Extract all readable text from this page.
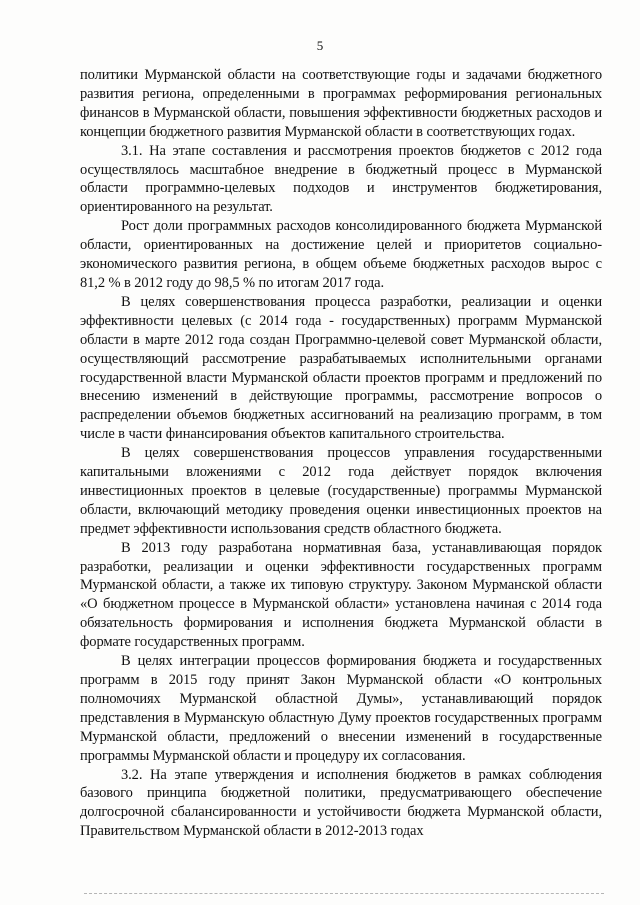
5

политики Мурманской области на соответствующие годы и задачами бюджетного развития региона, определенными в программах реформирования региональных финансов в Мурманской области, повышения эффективности бюджетных расходов и концепции бюджетного развития Мурманской области в соответствующих годах.

3.1. На этапе составления и рассмотрения проектов бюджетов с 2012 года осуществлялось масштабное внедрение в бюджетный процесс в Мурманской области программно-целевых подходов и инструментов бюджетирования, ориентированного на результат.

Рост доли программных расходов консолидированного бюджета Мурманской области, ориентированных на достижение целей и приоритетов социально-экономического развития региона, в общем объеме бюджетных расходов вырос с 81,2 % в 2012 году до 98,5 % по итогам 2017 года.

В целях совершенствования процесса разработки, реализации и оценки эффективности целевых (с 2014 года - государственных) программ Мурманской области в марте 2012 года создан Программно-целевой совет Мурманской области, осуществляющий рассмотрение разрабатываемых исполнительными органами государственной власти Мурманской области проектов программ и предложений по внесению изменений в действующие программы, рассмотрение вопросов о распределении объемов бюджетных ассигнований на реализацию программ, в том числе в части финансирования объектов капитального строительства.

В целях совершенствования процессов управления государственными капитальными вложениями с 2012 года действует порядок включения инвестиционных проектов в целевые (государственные) программы Мурманской области, включающий методику проведения оценки инвестиционных проектов на предмет эффективности использования средств областного бюджета.

В 2013 году разработана нормативная база, устанавливающая порядок разработки, реализации и оценки эффективности государственных программ Мурманской области, а также их типовую структуру. Законом Мурманской области «О бюджетном процессе в Мурманской области» установлена начиная с 2014 года обязательность формирования и исполнения бюджета Мурманской области в формате государственных программ.

В целях интеграции процессов формирования бюджета и государственных программ в 2015 году принят Закон Мурманской области «О контрольных полномочиях Мурманской областной Думы», устанавливающий порядок представления в Мурманскую областную Думу проектов государственных программ Мурманской области, предложений о внесении изменений в государственные программы Мурманской области и процедуру их согласования.

3.2. На этапе утверждения и исполнения бюджетов в рамках соблюдения базового принципа бюджетной политики, предусматривающего обеспечение долгосрочной сбалансированности и устойчивости бюджета Мурманской области, Правительством Мурманской области в 2012-2013 годах
